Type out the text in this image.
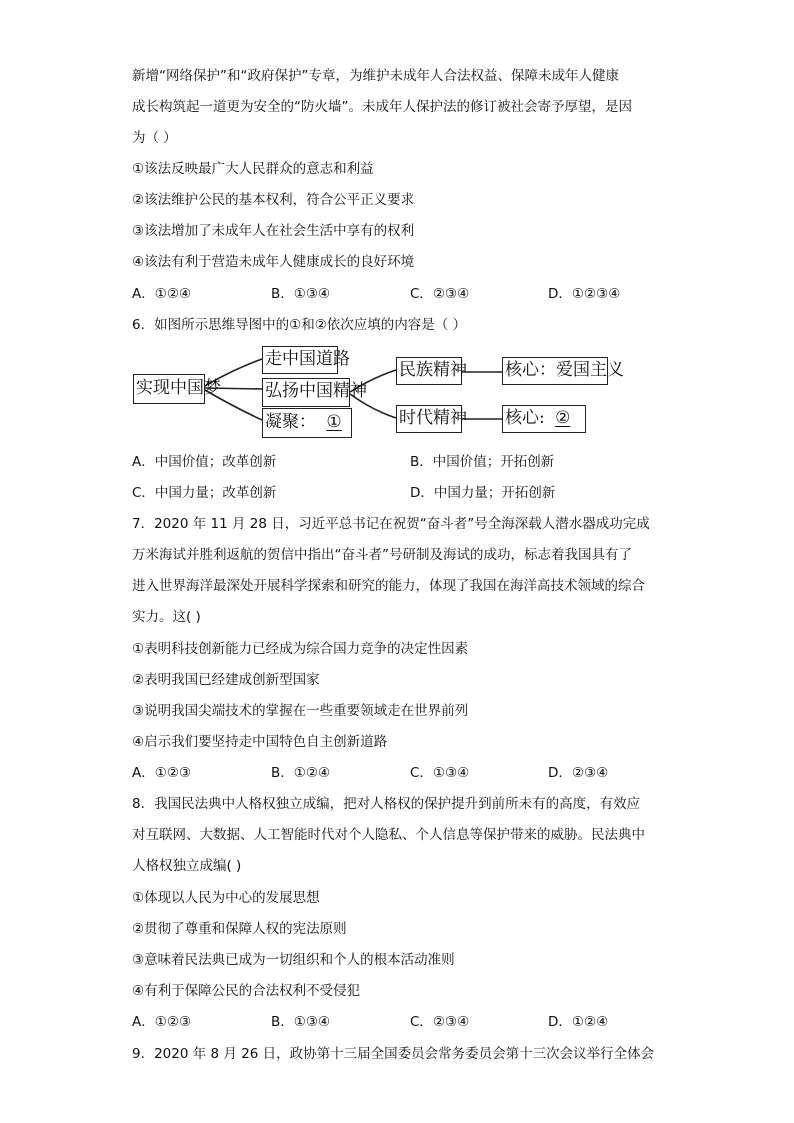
新增“网络保护”和“政府保护”专章，为维护未成年人合法权益、保障未成年人健康
成长构筑起一道更为安全的“防火墙”。未成年人保护法的修订被社会寄予厚望，是因
为（ ）
①该法反映最广大人民群众的意志和利益
②该法维护公民的基本权利，符合公平正义要求
③该法增加了未成年人在社会生活中享有的权利
④该法有利于营造未成年人健康成长的良好环境
A．①②④	B．①③④	C．②③④	D．①②③④
6．如图所示思维导图中的①和②依次应填的内容是（ ）
实现中国梦
走中国道路
弘扬中国精神
凝聚： ①
民族精神
时代精神
核心：爱国主义
核心: ②
A．中国价值；改革创新	B．中国价值；开拓创新
C．中国力量；改革创新	D．中国力量；开拓创新
7．2020 年 11 月 28 日，习近平总书记在祝贺“奋斗者”号全海深载人潜水器成功完成
万米海试并胜利返航的贺信中指出“奋斗者”号研制及海试的成功，标志着我国具有了
进入世界海洋最深处开展科学探索和研究的能力，体现了我国在海洋高技术领域的综合
实力。这( )
①表明科技创新能力已经成为综合国力竞争的决定性因素
②表明我国已经建成创新型国家
③说明我国尖端技术的掌握在一些重要领域走在世界前列
④启示我们要坚持走中国特色自主创新道路
A．①②③	B．①②④	C．①③④	D．②③④
8．我国民法典中人格权独立成编，把对人格权的保护提升到前所未有的高度，有效应
对互联网、大数据、人工智能时代对个人隐私、个人信息等保护带来的威胁。民法典中
人格权独立成编( )
①体现以人民为中心的发展思想
②贯彻了尊重和保障人权的宪法原则
③意味着民法典已成为一切组织和个人的根本活动准则
④有利于保障公民的合法权利不受侵犯
A．①②③	B．①③④	C．②③④	D．①②④
9．2020 年 8 月 26 日，政协第十三届全国委员会常务委员会第十三次会议举行全体会
